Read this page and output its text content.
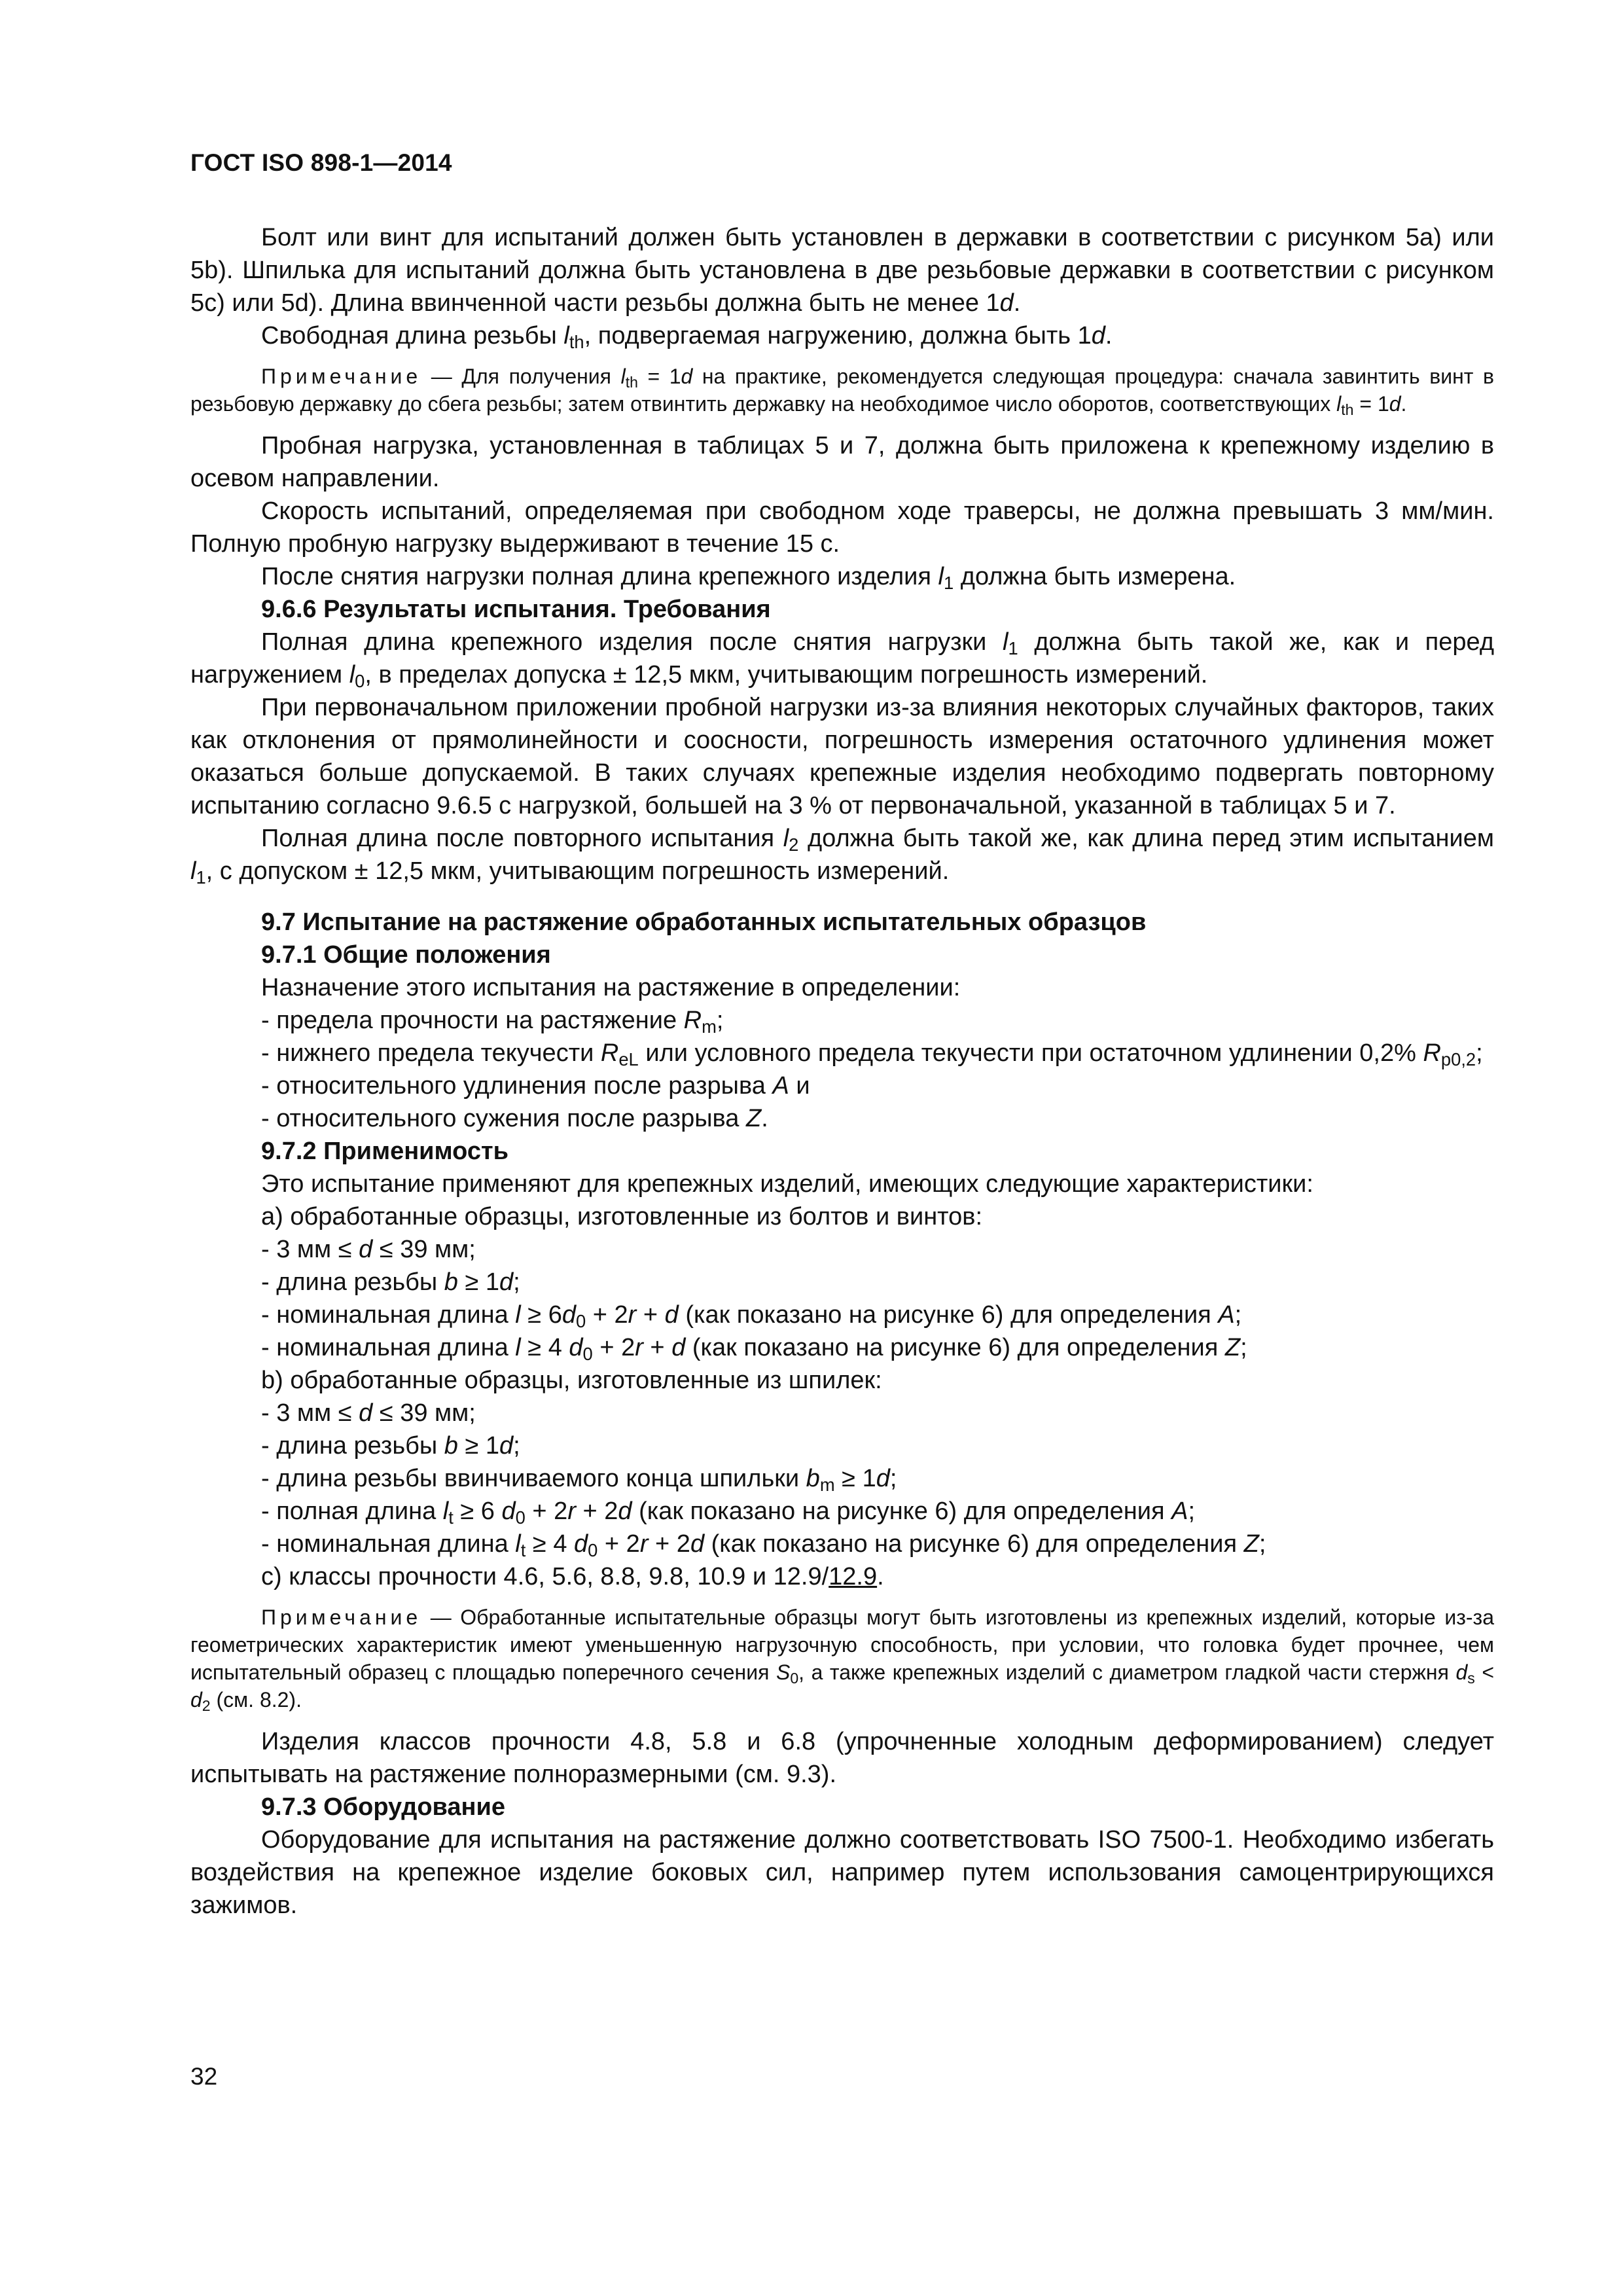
ГОСТ ISO 898-1—2014

Болт или винт для испытаний должен быть установлен в державки в соответствии с рисунком 5a) или 5b). Шпилька для испытаний должна быть установлена в две резьбовые державки в соответствии с рисунком 5c) или 5d). Длина ввинченной части резьбы должна быть не менее 1d.

Свободная длина резьбы $l_{th}$, подвергаемая нагружению, должна быть 1d.

Примечание — Для получения $l_{th} = 1d$ на практике, рекомендуется следующая процедура: сначала завинтить винт в резьбовую державку до сбега резьбы; затем отвинтить державку на необходимое число оборотов, соответствующих $l_{th} = 1d$.

Пробная нагрузка, установленная в таблицах 5 и 7, должна быть приложена к крепежному изделию в осевом направлении.

Скорость испытаний, определяемая при свободном ходе траверсы, не должна превышать 3 мм/мин. Полную пробную нагрузку выдерживают в течение 15 с.

После снятия нагрузки полная длина крепежного изделия $l_1$ должна быть измерена.

9.6.6 Результаты испытания. Требования

Полная длина крепежного изделия после снятия нагрузки $l_1$ должна быть такой же, как и перед нагружением $l_0$, в пределах допуска ± 12,5 мкм, учитывающим погрешность измерений.

При первоначальном приложении пробной нагрузки из-за влияния некоторых случайных факторов, таких как отклонения от прямолинейности и соосности, погрешность измерения остаточного удлинения может оказаться больше допускаемой. В таких случаях крепежные изделия необходимо подвергать повторному испытанию согласно 9.6.5 с нагрузкой, большей на 3 % от первоначальной, указанной в таблицах 5 и 7.

Полная длина после повторного испытания $l_2$ должна быть такой же, как длина перед этим испытанием $l_1$, с допуском ± 12,5 мкм, учитывающим погрешность измерений.

9.7 Испытание на растяжение обработанных испытательных образцов

9.7.1 Общие положения

Назначение этого испытания на растяжение в определении:

- предела прочности на растяжение $R_m$;

- нижнего предела текучести $R_{eL}$ или условного предела текучести при остаточном удлинении 0,2% $R_{p0,2}$;

- относительного удлинения после разрыва A и

- относительного сужения после разрыва Z.

9.7.2 Применимость

Это испытание применяют для крепежных изделий, имеющих следующие характеристики:

a) обработанные образцы, изготовленные из болтов и винтов:

- 3 мм ≤ d ≤ 39 мм;

- длина резьбы b ≥ 1d;

- номинальная длина $l \ge 6d_0 + 2r + d$ (как показано на рисунке 6) для определения A;

- номинальная длина l ≥ 4 $d_0 + 2r + d$ (как показано на рисунке 6) для определения Z;

b) обработанные образцы, изготовленные из шпилек:

- 3 мм ≤ d ≤ 39 мм;

- длина резьбы b ≥ 1d;

- длина резьбы ввинчиваемого конца шпильки $b_m \ge 1d$;

- полная длина $l_t \ge 6$ $d_0 + 2r + 2d$ (как показано на рисунке 6) для определения A;

- номинальная длина $l_t \ge 4$ $d_0 + 2r + 2d$ (как показано на рисунке 6) для определения Z;

c) классы прочности 4.6, 5.6, 8.8, 9.8, 10.9 и 12.9/12.9.

Примечание — Обработанные испытательные образцы могут быть изготовлены из крепежных изделий, которые из-за геометрических характеристик имеют уменьшенную нагрузочную способность, при условии, что головка будет прочнее, чем испытательный образец с площадью поперечного сечения $S_0$, а также крепежных изделий с диаметром гладкой части стержня $d_s < d_2$ (см. 8.2).

Изделия классов прочности 4.8, 5.8 и 6.8 (упрочненные холодным деформированием) следует испытывать на растяжение полноразмерными (см. 9.3).

9.7.3 Оборудование

Оборудование для испытания на растяжение должно соответствовать ISO 7500-1. Необходимо избегать воздействия на крепежное изделие боковых сил, например путем использования самоцентрирующихся зажимов.

32
